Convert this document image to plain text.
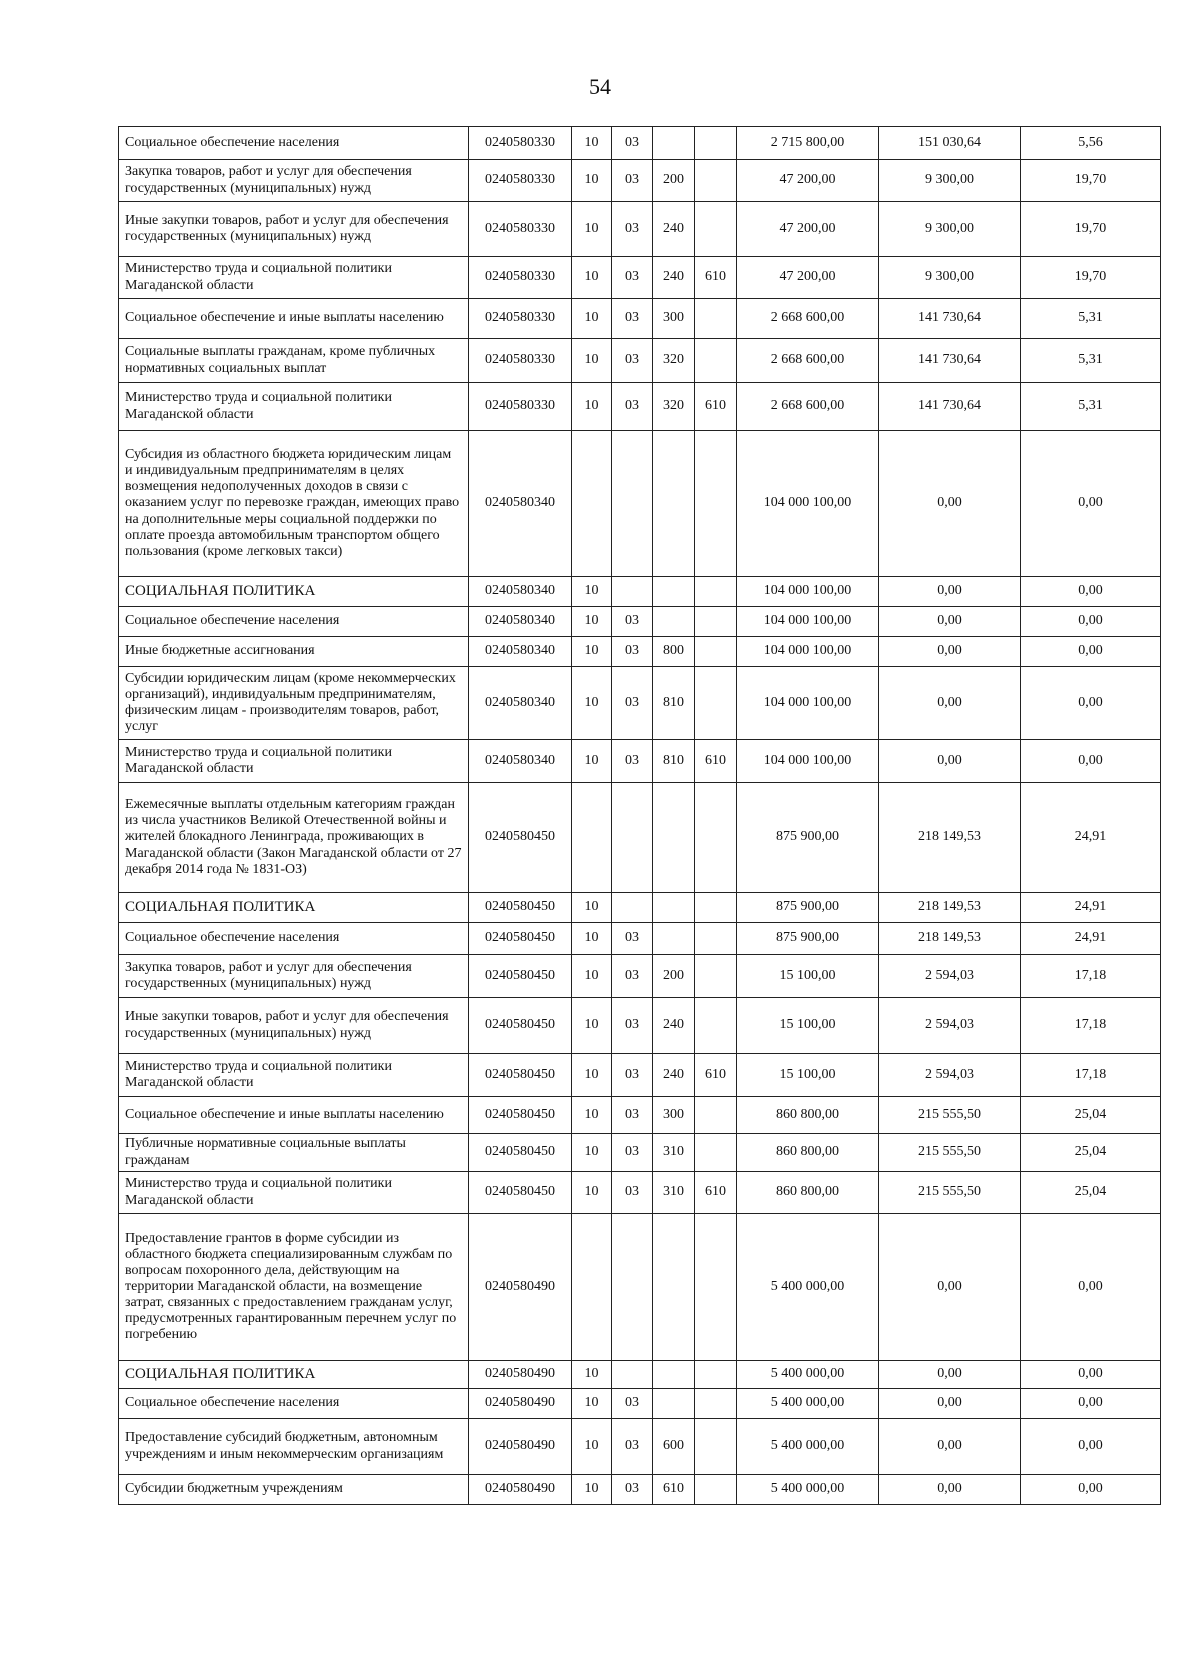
54
Социальное обеспечение населения	0240580330	10	03			2 715 800,00	151 030,64	5,56
Закупка товаров, работ и услуг для обеспечения государственных (муниципальных) нужд	0240580330	10	03	200		47 200,00	9 300,00	19,70
Иные закупки товаров, работ и услуг для обеспечения государственных (муниципальных) нужд	0240580330	10	03	240		47 200,00	9 300,00	19,70
Министерство труда и социальной политики Магаданской области	0240580330	10	03	240	610	47 200,00	9 300,00	19,70
Социальное обеспечение и иные выплаты населению	0240580330	10	03	300		2 668 600,00	141 730,64	5,31
Социальные выплаты гражданам, кроме публичных нормативных социальных выплат	0240580330	10	03	320		2 668 600,00	141 730,64	5,31
Министерство труда и социальной политики Магаданской области	0240580330	10	03	320	610	2 668 600,00	141 730,64	5,31
Субсидия из областного бюджета юридическим лицам и индивидуальным предпринимателям в целях возмещения недополученных доходов в связи с оказанием услуг по перевозке граждан, имеющих право на дополнительные меры социальной поддержки по оплате проезда автомобильным транспортом общего пользования (кроме легковых такси)	0240580340					104 000 100,00	0,00	0,00
СОЦИАЛЬНАЯ ПОЛИТИКА	0240580340	10				104 000 100,00	0,00	0,00
Социальное обеспечение населения	0240580340	10	03			104 000 100,00	0,00	0,00
Иные бюджетные ассигнования	0240580340	10	03	800		104 000 100,00	0,00	0,00
Субсидии юридическим лицам (кроме некоммерческих организаций), индивидуальным предпринимателям, физическим лицам - производителям товаров, работ, услуг	0240580340	10	03	810		104 000 100,00	0,00	0,00
Министерство труда и социальной политики Магаданской области	0240580340	10	03	810	610	104 000 100,00	0,00	0,00
Ежемесячные выплаты отдельным категориям граждан из числа участников Великой Отечественной войны и жителей блокадного Ленинграда, проживающих в Магаданской области (Закон Магаданской области от 27 декабря 2014 года № 1831-ОЗ)	0240580450					875 900,00	218 149,53	24,91
СОЦИАЛЬНАЯ ПОЛИТИКА	0240580450	10				875 900,00	218 149,53	24,91
Социальное обеспечение населения	0240580450	10	03			875 900,00	218 149,53	24,91
Закупка товаров, работ и услуг для обеспечения государственных (муниципальных) нужд	0240580450	10	03	200		15 100,00	2 594,03	17,18
Иные закупки товаров, работ и услуг для обеспечения государственных (муниципальных) нужд	0240580450	10	03	240		15 100,00	2 594,03	17,18
Министерство труда и социальной политики Магаданской области	0240580450	10	03	240	610	15 100,00	2 594,03	17,18
Социальное обеспечение и иные выплаты населению	0240580450	10	03	300		860 800,00	215 555,50	25,04
Публичные нормативные социальные выплаты гражданам	0240580450	10	03	310		860 800,00	215 555,50	25,04
Министерство труда и социальной политики Магаданской области	0240580450	10	03	310	610	860 800,00	215 555,50	25,04
Предоставление грантов в форме субсидии из областного бюджета специализированным службам по вопросам похоронного дела, действующим на территории Магаданской области, на возмещение затрат, связанных с предоставлением гражданам услуг, предусмотренных гарантированным перечнем услуг по погребению	0240580490					5 400 000,00	0,00	0,00
СОЦИАЛЬНАЯ ПОЛИТИКА	0240580490	10				5 400 000,00	0,00	0,00
Социальное обеспечение населения	0240580490	10	03			5 400 000,00	0,00	0,00
Предоставление субсидий бюджетным, автономным учреждениям и иным некоммерческим организациям	0240580490	10	03	600		5 400 000,00	0,00	0,00
Субсидии бюджетным учреждениям	0240580490	10	03	610		5 400 000,00	0,00	0,00
